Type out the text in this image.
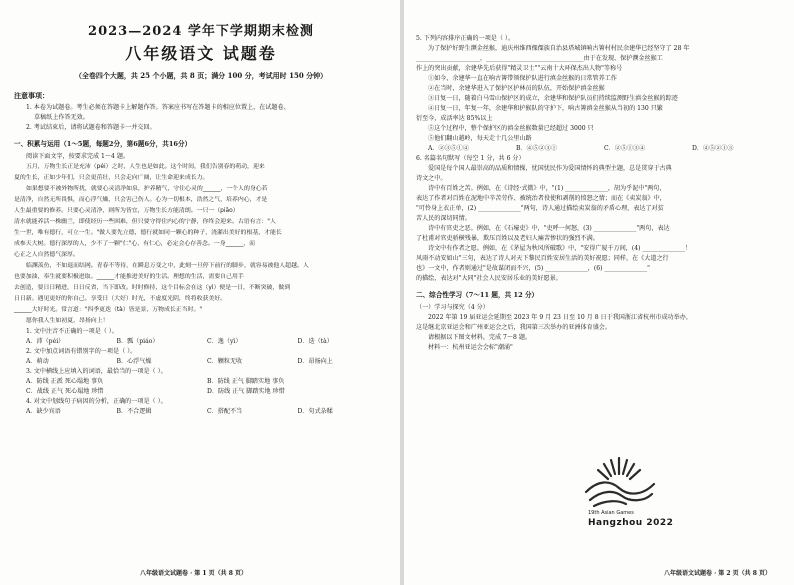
2023—2024 学年下学期期末检测

八年级语文 试题卷

（全卷四个大题，共 25 个小题，共 8 页；满分 100 分，考试用时 150 分钟）

注意事项：

1. 本卷为试题卷。考生必须在答题卡上解题作答。答案应书写在答题卡的相应位置上，在试题卷、

草稿纸上作答无效。

2. 考试结束后，请将试题卷和答题卡一并交回。

一、积累与运用（1～5题，每题2分，第6题6分，共16分）

阅读下面文字，按要求完成 1～4 题。

五月，万物生长正是充沛（péi）之时，人生也是如此。这个时间，我们告别春的萌动，迎来

夏的生长，正如少年们，只会更茁壮，只会走向广阔，让生命迎来成长力。

如果想要不被外物所扰，就要心灵清净如泉，护养精气，守住心灵的______，一个人的身心若

是清净，自然无所畏惧，而心浮气燥，只会害己伤人。心为一切根本，浩然之气，培养内心，才是

人生最重要的修养。只要心灵清净，则所为皆宜，万物生长方能清朗。一只一（piāo）

清水就能养活一株幽兰，即使经历一些困难，但只要守得住内心的宁静，你终会迎来。古语有言："人

生一世，唯有德行，可立一生。"做人要先立德，德行就如同一颗心的种子，浇灌出美好的根基，才能长

成参天大树。德行深厚的人，少不了一颗"仁"心，有仁心，必定会心存善念。一身______，而

心正之人自然德气深厚。

临渊羡鱼，不如退而结网。青春不等待，在瞬息万变之中，此刻一旦停下前行的脚步，就容易被他人超越。人

也要加油，奉生就要积极进取。______才能推进美好的生活。理想的生活，需要自己用手

去创造，要日日精进，日日反省，当下即改。时时修持，这个目标会在这（yì）便是一日，不断突破，做到

日日新。遇见更好的你自己。享受日（大好）时光，不虚度光阴，终将收获美好。

______大好时光。常言道："四季更迭（tà）皆是景，万物成长正当时。"

愿你我人生如初夏，昂扬向上！

1. 文中注音不正确的一项是（ ）。

A．沛（péi）	B．瓢（piáo）	C．逸（yì）	D．迭（tà）

2. 文中加点词语有错别字的一项是（ ）。

A．萌动	B．心浮气燥	C．颗粒无收	D．昂扬向上

3. 文中横线上应填入的词语，最恰当的一项是（ ）。

A．防线 正派 死心塌地 事负	B．防线 正气 脚踏实地 事负
C．战线 正气 死心塌地 珍惜	D．防线 正气 脚踏实地 珍惜

4. 对文中划线句子病因的分析，正确的一项是（ ）。

A．缺少宾语	B．不合逻辑	C．搭配不当	D．句式杂糅
八年级语文试题卷 · 第 1 页（共 8 页）

5. 下列内容排序正确的一项是（ ）。

为了保护好野生濒金丝猴，迪庆州维西傈僳族自治县塔城镇响古箐村村民余建华已经坚守了 28 年

_____________________，________________________________由于在发现、保护濒金丝猴工

作上的突出贡献，余建华先后获得"精灵卫士""云南十大环保杰出人物"等称号

①如今，余建华一直在响古箐带领保护队进行滇金丝猴的日常管养工作

②在当时，余建华进入了保护区护林员的队伍，开始保护滇金丝猴

③日复一日，随着白马雪山保护区的成立，余建华和保护队员们持续监测野生滇金丝猴的踪迹

④日复一日，年复一年，余建华和护猴队的守护下，响古箐滇金丝猴从当初的 130 只繁

衍至今，成活率达 85%以上

⑤这个过程中，整个保护区的滇金丝猴数量已经超过 3000 只

⑤他们翻山越岭，每天走十几公里山路

A．②③⑤①④	B．④⑤②③①	C．②⑤①③④	D．④⑤②①③

6. 名篇名句默写（每空 1 分，共 6 分）

爱国是每个国人最崇高的品质和情操，忧国忧民作为爱国情怀的典型主题，总是贯穿于古典

诗文之中。

诗中有百姓之苦。例如，在《诗经·式微》中，"(1) ______________，胡为乎泥中"两句，

表达了作者对百姓在泥地中辛苦劳作、被统治者役使和剥削的愤怒之情；而在《卖炭翁》中，

"可怜身上衣正单，(2) ______________"两句，诗人通过描绘卖炭翁的矛盾心理，表达了对贫

苦人民的深切同情。

诗中有官吏之恶。例如，在《石壕吏》中，"吏呼一何怒，(3) ______________"两句，表达

了杜甫对官吏骄横残暴，欺压百姓以及老妇人痛苦惨状的强烈不满。

诗文中有作者之愿。例如，在《茅屋为秋风所破歌》中，"安得广厦千万间，(4) ______________！

风雨不动安如山"三句，表达了诗人对天下黎民百姓安居生活的美好祝愿；同样，在《大道之行

也》一文中，作者则通过"是故谋闭而不兴，(5) ______________，(6) ______________"

的描绘，表达对"大同"社会人民安居乐业的美好愿景。

二、综合性学习（7～11 题，共 12 分）

（一）学习与探究（4 分）

2022 年第 19 届亚运会延期至 2023 年 9 月 23 日至 10 月 8 日于我国浙江省杭州市成功举办，

这是继北京亚运会和广州亚运会之后，我国第三次举办的亚洲体育盛会。

请根据以下图文材料，完成 7～8 题。

材料一：杭州亚运会会标"潮涌"

19th Asian Games
Hangzhou 2022
八年级语文试题卷 · 第 2 页（共 8 页）
